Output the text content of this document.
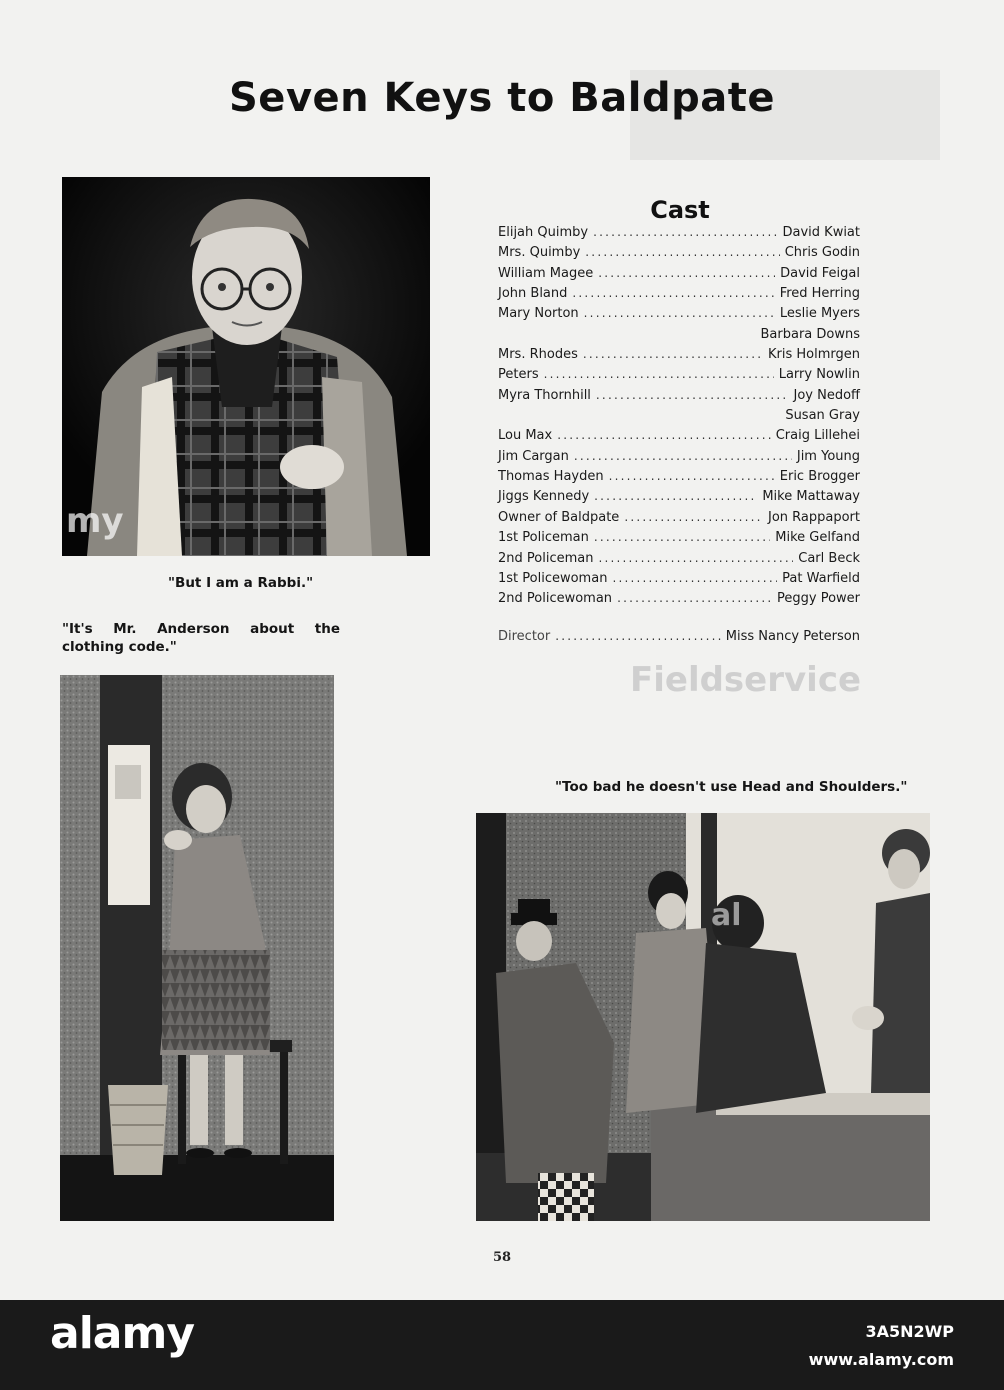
Fieldservice
Seven Keys to Baldpate
my
"But I am a Rabbi."
"It's Mr. Anderson about the clothing code."
Cast
Elijah Quimby .....	David Kwiat
Mrs. Quimby .....	Chris Godin
William Magee .....	David Feigal
John Bland .....	Fred Herring
Mary Norton .....	Leslie Myers
Barbara Downs
Mrs. Rhodes .....	Kris Holmrgen
Peters .....	Larry Nowlin
Myra Thornhill .....	Joy Nedoff
Susan Gray
Lou Max .....	Craig Lillehei
Jim Cargan .....	Jim Young
Thomas Hayden .....	Eric Brogger
Jiggs Kennedy .....	Mike Mattaway
Owner of Baldpate .....	Jon Rappaport
1st Policeman .....	Mike Gelfand
2nd Policeman .....	Carl Beck
1st Policewoman .....	Pat Warfield
2nd Policewoman .....	Peggy Power
Director .....	Miss Nancy Peterson
"Too bad he doesn't use Head and Shoulders."
al
58
alamy	3A5N2WP
www.alamy.com
